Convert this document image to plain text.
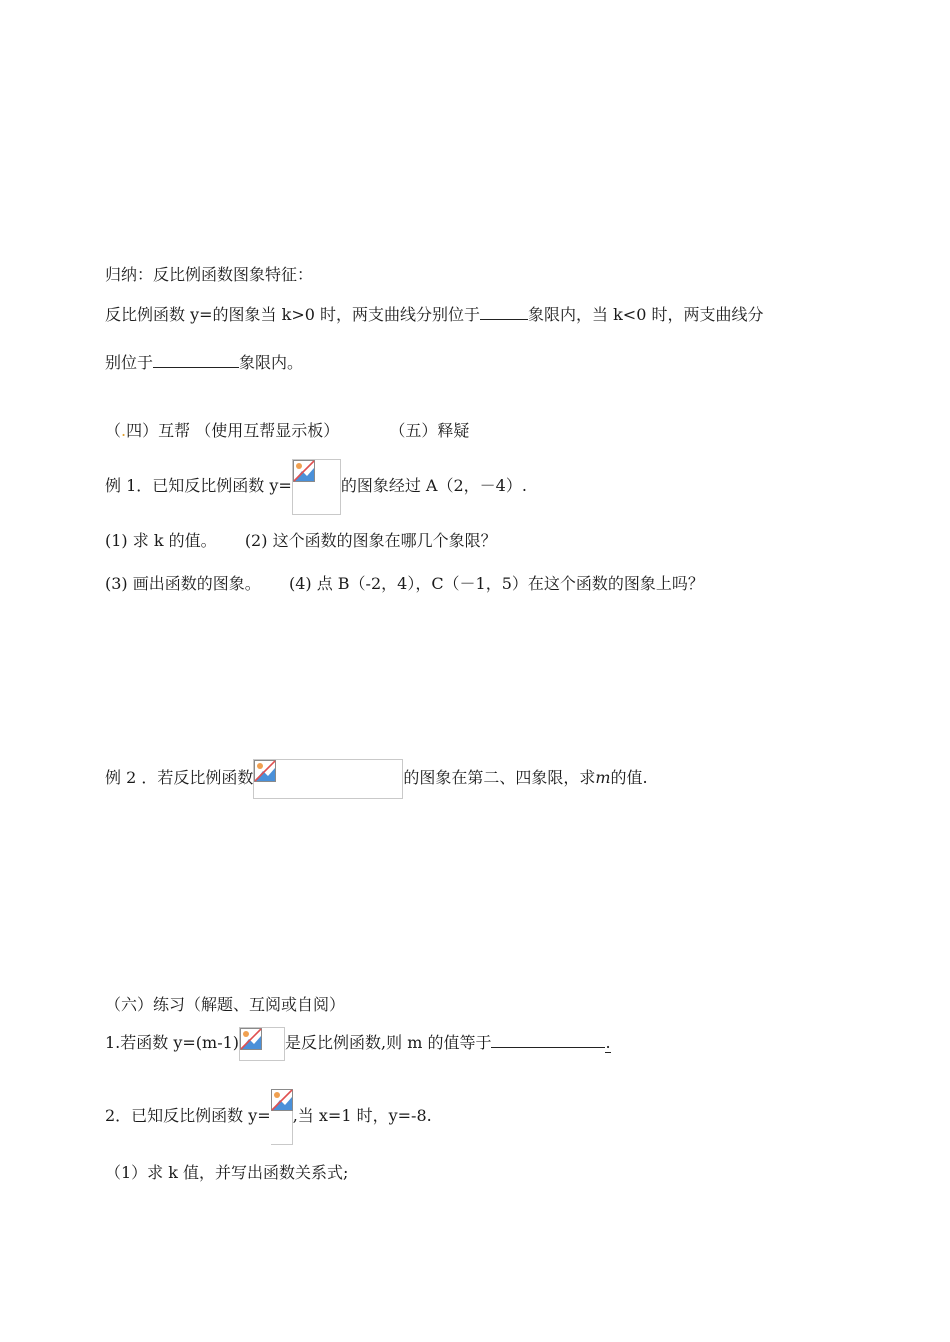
归纳：反比例函数图象特征：
反比例函数 y=的图象当 k>0 时，两支曲线分别位于	象限内，当 k<0 时，两支曲线分
别位于	象限内。
（.四）互帮 （使用互帮显示板）	（五）释疑
例 1．已知反比例函数 y=	的图象经过 A（2，－4）.
(1) 求 k 的值。 (2) 这个函数的图象在哪几个象限？
(3) 画出函数的图象。 (4) 点 B（-2，4），C（－1，5）在这个函数的图象上吗？
例 2 ．若反比例函数	的图象在第二、四象限，求m的值.
（六）练习（解题、互阅或自阅）
1.若函数 y=(m-1)	是反比例函数,则 m 的值等于	.
2．已知反比例函数 y= ,当 x=1 时，y=-8.
（1）求 k 值，并写出函数关系式;
